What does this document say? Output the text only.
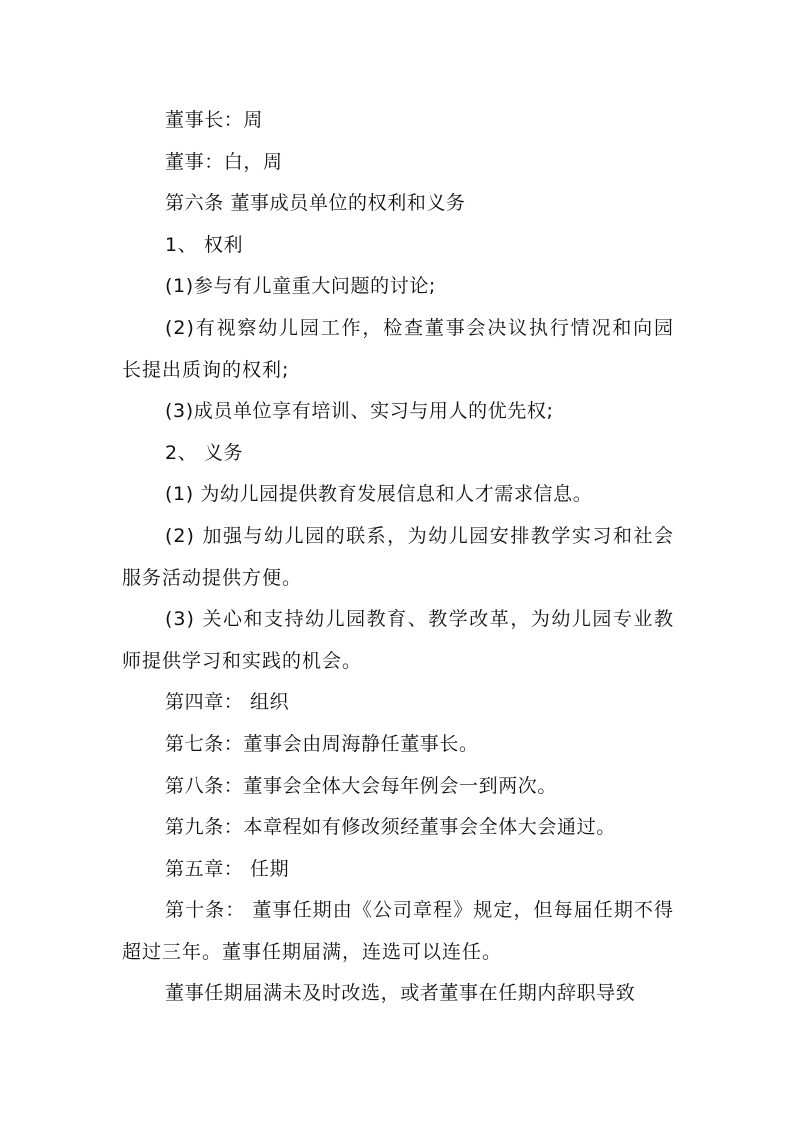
董事长：周
董事：白，周
第六条 董事成员单位的权利和义务
1、 权利
(1)参与有儿童重大问题的讨论;
(2)有视察幼儿园工作，检查董事会决议执行情况和向园长提出质询的权利;
(3)成员单位享有培训、实习与用人的优先权;
2、 义务
(1) 为幼儿园提供教育发展信息和人才需求信息。
(2) 加强与幼儿园的联系，为幼儿园安排教学实习和社会服务活动提供方便。
(3) 关心和支持幼儿园教育、教学改革，为幼儿园专业教师提供学习和实践的机会。
第四章： 组织
第七条：董事会由周海静任董事长。
第八条：董事会全体大会每年例会一到两次。
第九条：本章程如有修改须经董事会全体大会通过。
第五章： 任期
第十条： 董事任期由《公司章程》规定，但每届任期不得超过三年。董事任期届满，连选可以连任。
董事任期届满未及时改选，或者董事在任期内辞职导致
